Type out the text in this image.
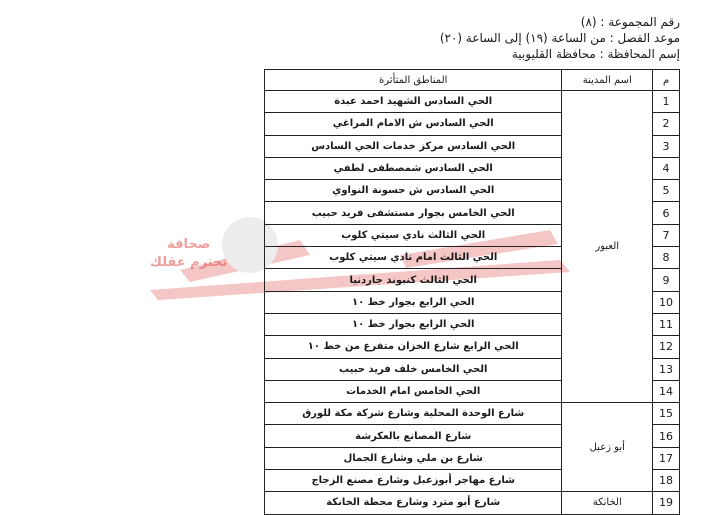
رقم المجموعة : (٨)
موعد الفصل : من الساعة (١٩) إلى الساعة (٢٠)
إسم المحافظة : محافظة القليوبية
صحافة
تحترم عقلك
م	اسم المدينة	المناطق المتأثرة
1	العبور	الحي السادس الشهيد احمد عبدة
2		الحي السادس ش الامام المراغي
3		الحي السادس مركز خدمات الحي السادس
4		الحي السادس شمصطفى لطفي
5		الحي السادس ش حسونة النواوي
6		الحي الخامس بجوار مستشفى فريد حبيب
7		الحي الثالث نادي سيتي كلوب
8		الحي الثالث امام نادي سيتي كلوب
9		الحي الثالث كنبوند جاردنيا
10		الحي الرابع بجوار خط ١٠
11		الحي الرابع بجوار خط ١٠
12		الحي الرابع شارع الخزان متفرع من خط ١٠
13		الحي الخامس خلف فريد حبيب
14		الحي الخامس امام الخدمات
15	أبو زعبل	شارع الوحدة المحلية وشارع شركة مكة للورق
16		شارع المصانع بالعكرشة
17		شارع بن ملي وشارع الجمال
18		شارع مهاجر أبوزعبل وشارع مصنع الزجاج
19	الخانكة	شارع أبو مترد وشارع محطة الخانكة
